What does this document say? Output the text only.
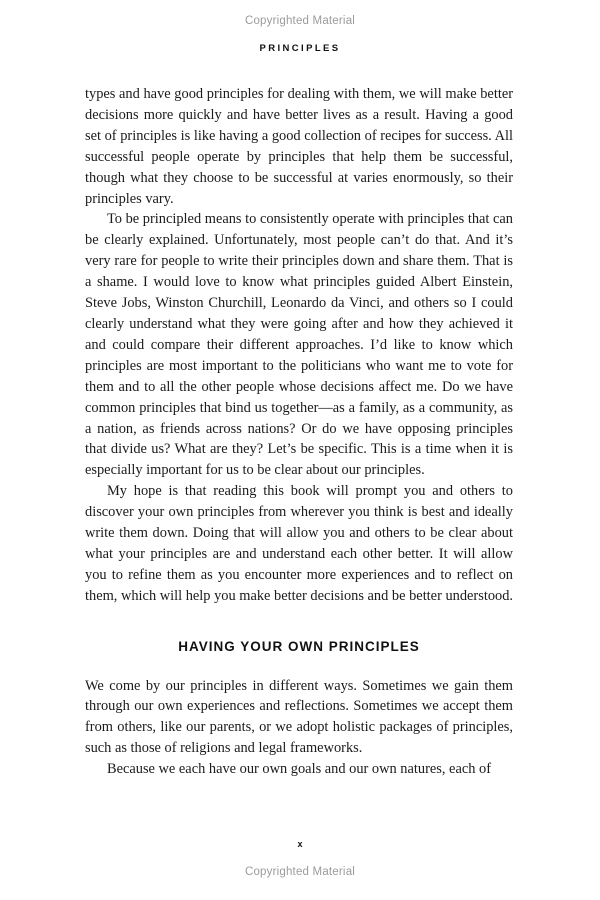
Copyrighted Material
PRINCIPLES

types and have good principles for dealing with them, we will make better decisions more quickly and have better lives as a result. Having a good set of principles is like having a good collection of recipes for success. All successful people operate by principles that help them be successful, though what they choose to be successful at varies enormously, so their principles vary.

To be principled means to consistently operate with principles that can be clearly explained. Unfortunately, most people can’t do that. And it’s very rare for people to write their principles down and share them. That is a shame. I would love to know what principles guided Albert Einstein, Steve Jobs, Winston Churchill, Leonardo da Vinci, and others so I could clearly understand what they were going after and how they achieved it and could compare their different approaches. I’d like to know which principles are most important to the politicians who want me to vote for them and to all the other people whose decisions affect me. Do we have common principles that bind us together—as a family, as a community, as a nation, as friends across nations? Or do we have opposing principles that divide us? What are they? Let’s be specific. This is a time when it is especially important for us to be clear about our principles.

My hope is that reading this book will prompt you and others to discover your own principles from wherever you think is best and ideally write them down. Doing that will allow you and others to be clear about what your principles are and understand each other better. It will allow you to refine them as you encounter more experiences and to reflect on them, which will help you make better decisions and be better understood.

HAVING YOUR OWN PRINCIPLES

We come by our principles in different ways. Sometimes we gain them through our own experiences and reflections. Sometimes we accept them from others, like our parents, or we adopt holistic packages of principles, such as those of religions and legal frameworks.

Because we each have our own goals and our own natures, each of

x
Copyrighted Material
